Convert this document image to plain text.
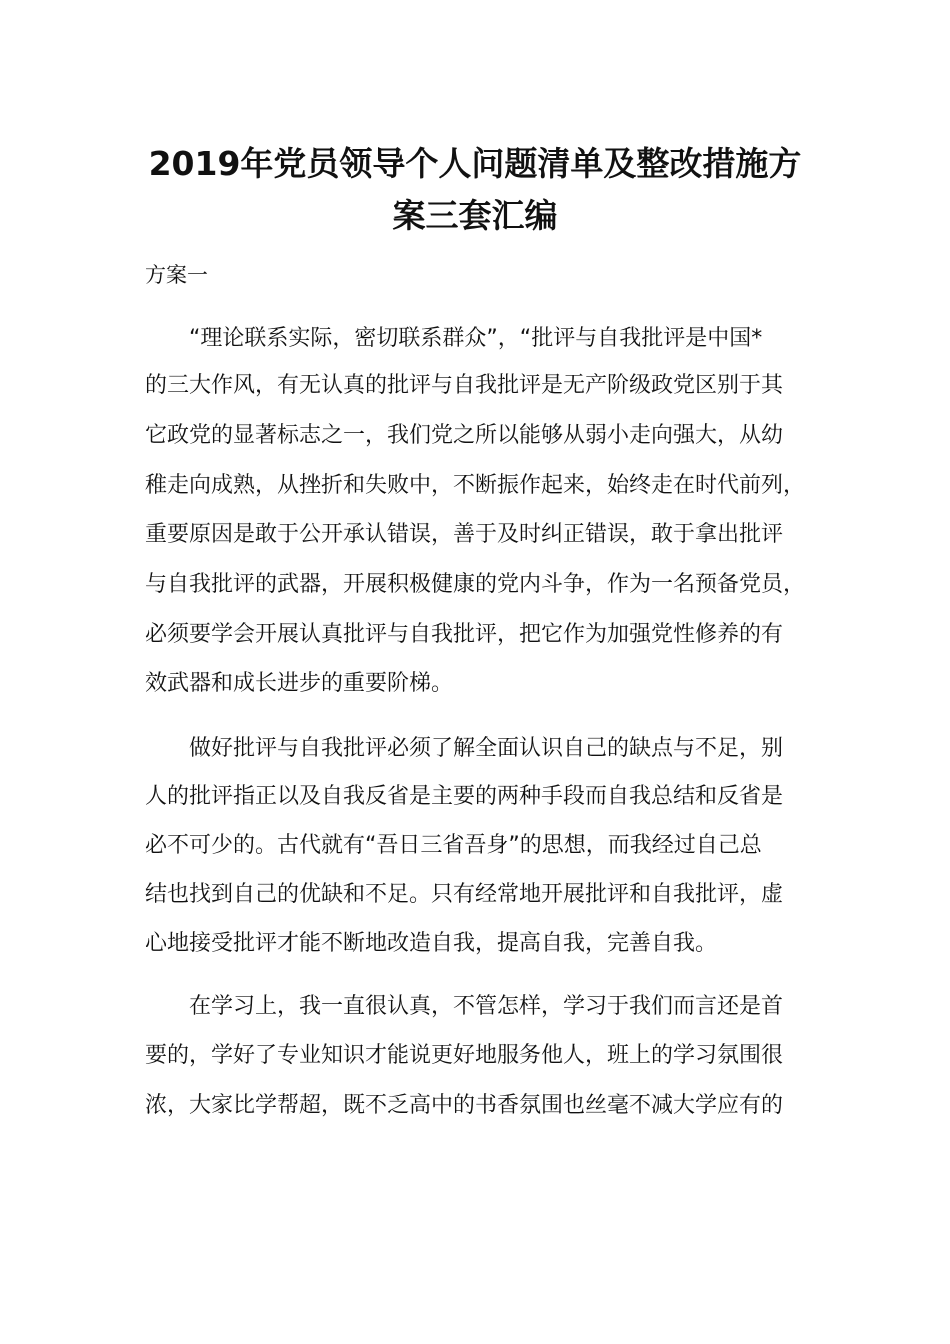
2019年党员领导个人问题清单及整改措施方
案三套汇编
方案一
“理论联系实际，密切联系群众”，“批评与自我批评是中国*
的三大作风，有无认真的批评与自我批评是无产阶级政党区别于其
它政党的显著标志之一，我们党之所以能够从弱小走向强大，从幼
稚走向成熟，从挫折和失败中，不断振作起来，始终走在时代前列，
重要原因是敢于公开承认错误，善于及时纠正错误，敢于拿出批评
与自我批评的武器，开展积极健康的党内斗争，作为一名预备党员，
必须要学会开展认真批评与自我批评，把它作为加强党性修养的有
效武器和成长进步的重要阶梯。
做好批评与自我批评必须了解全面认识自己的缺点与不足，别
人的批评指正以及自我反省是主要的两种手段而自我总结和反省是
必不可少的。古代就有“吾日三省吾身”的思想，而我经过自己总
结也找到自己的优缺和不足。只有经常地开展批评和自我批评，虚
心地接受批评才能不断地改造自我，提高自我，完善自我。
在学习上，我一直很认真，不管怎样，学习于我们而言还是首
要的，学好了专业知识才能说更好地服务他人，班上的学习氛围很
浓，大家比学帮超，既不乏高中的书香氛围也丝毫不减大学应有的
